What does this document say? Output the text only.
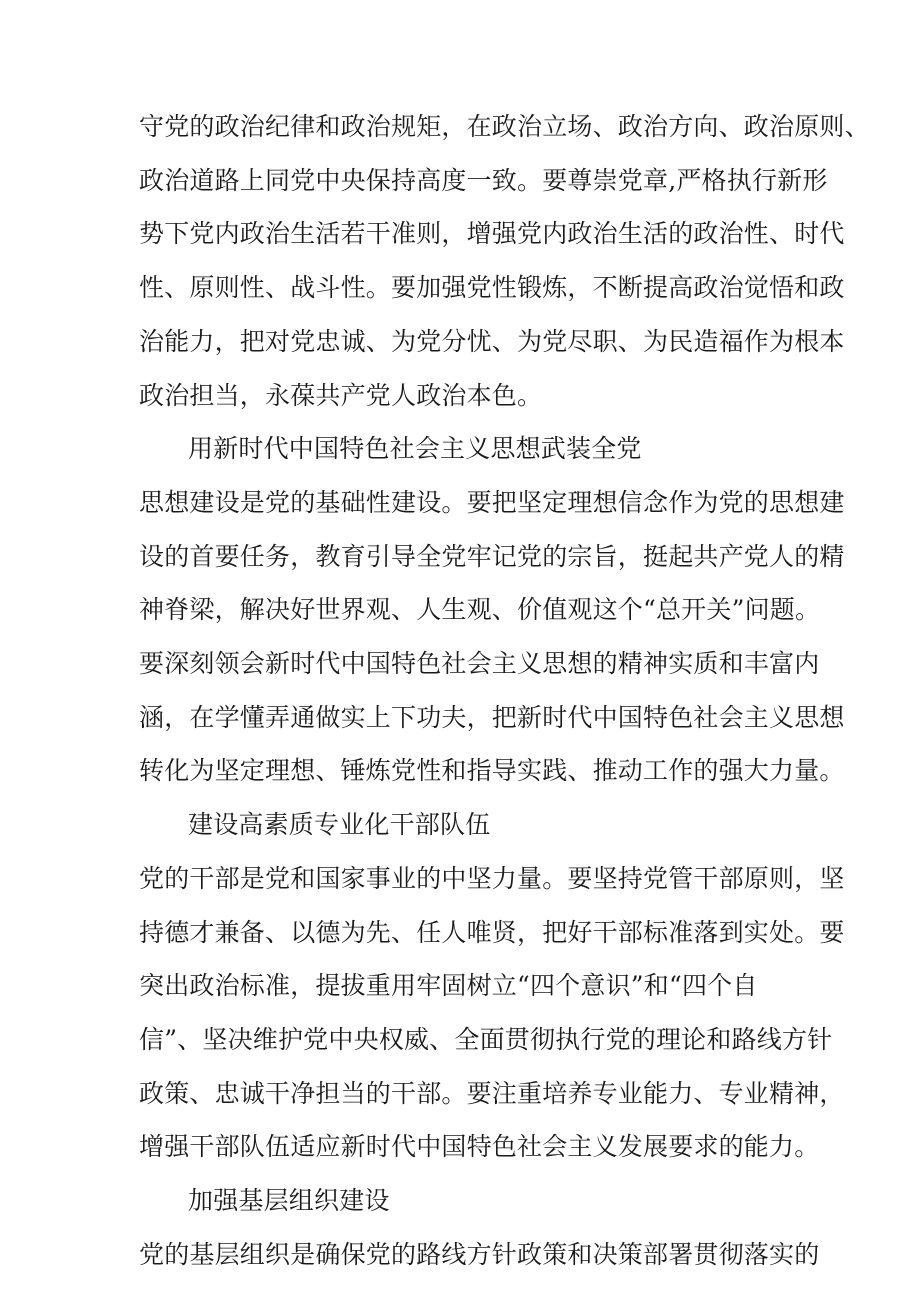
守党的政治纪律和政治规矩，在政治立场、政治方向、政治原则、
政治道路上同党中央保持高度一致。要尊崇党章,严格执行新形
势下党内政治生活若干准则，增强党内政治生活的政治性、时代
性、原则性、战斗性。要加强党性锻炼，不断提高政治觉悟和政
治能力，把对党忠诚、为党分忧、为党尽职、为民造福作为根本
政治担当，永葆共产党人政治本色。
用新时代中国特色社会主义思想武装全党
思想建设是党的基础性建设。要把坚定理想信念作为党的思想建
设的首要任务，教育引导全党牢记党的宗旨，挺起共产党人的精
神脊梁，解决好世界观、人生观、价值观这个“总开关”问题。
要深刻领会新时代中国特色社会主义思想的精神实质和丰富内
涵，在学懂弄通做实上下功夫，把新时代中国特色社会主义思想
转化为坚定理想、锤炼党性和指导实践、推动工作的强大力量。
建设高素质专业化干部队伍
党的干部是党和国家事业的中坚力量。要坚持党管干部原则，坚
持德才兼备、以德为先、任人唯贤，把好干部标准落到实处。要
突出政治标准，提拔重用牢固树立“四个意识”和“四个自
信”、坚决维护党中央权威、全面贯彻执行党的理论和路线方针
政策、忠诚干净担当的干部。要注重培养专业能力、专业精神，
增强干部队伍适应新时代中国特色社会主义发展要求的能力。
加强基层组织建设
党的基层组织是确保党的路线方针政策和决策部署贯彻落实的
